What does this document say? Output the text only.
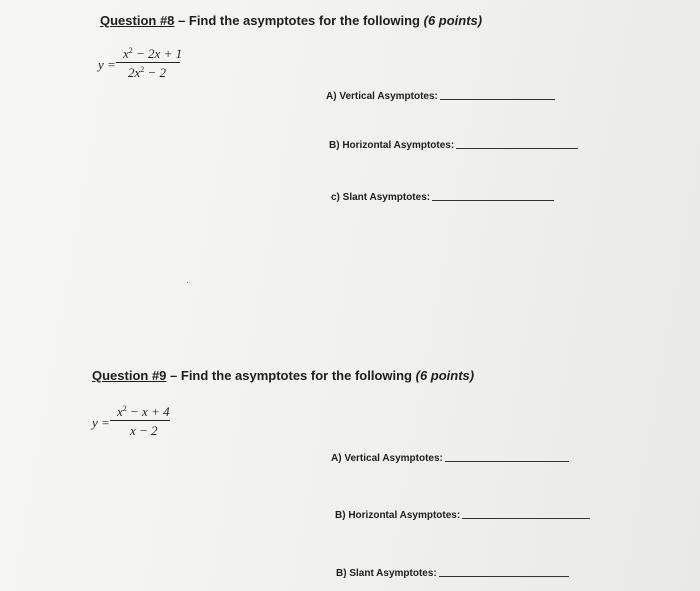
Question #8 – Find the asymptotes for the following (6 points)
y =
$x^2 - 2x + 1$
$2x^2 - 2$
A) Vertical Asymptotes:
B) Horizontal Asymptotes:
c) Slant Asymptotes:
․
Question #9 – Find the asymptotes for the following (6 points)
y =
$x^2 - x + 4$
x − 2
A) Vertical Asymptotes:
B) Horizontal Asymptotes:
B) Slant Asymptotes:
